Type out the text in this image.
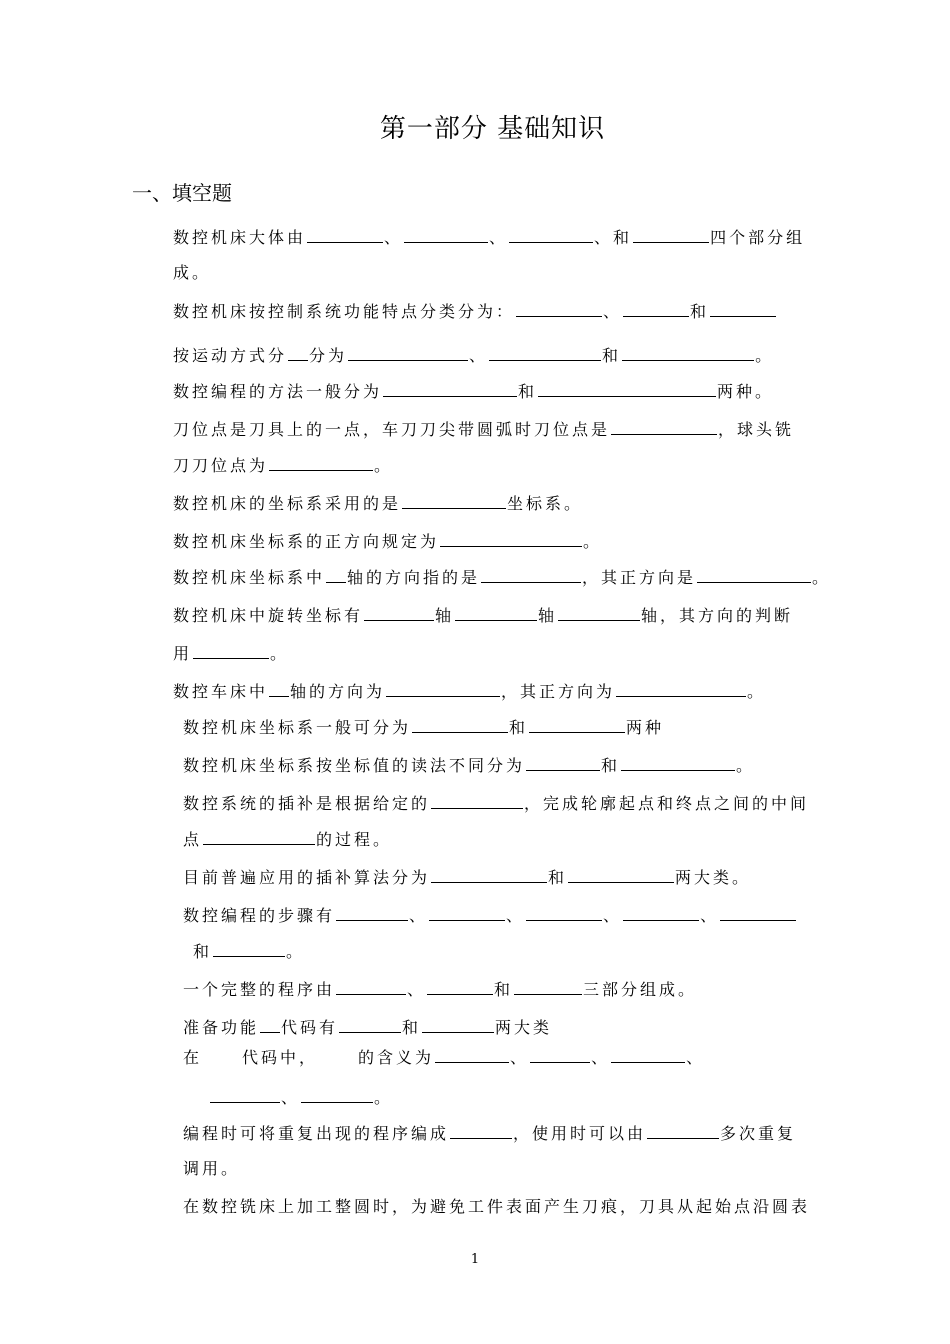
第一部分 基础知识
一、填空题
数控机床大体由	、	、	、和	四个部分组
成。
数控机床按控制系统功能特点分类分为：	、	和
按运动方式分 分为	、	和	。
数控编程的方法一般分为	和	两种。
刀位点是刀具上的一点，车刀刀尖带圆弧时刀位点是	，球头铣
刀刀位点为	。
数控机床的坐标系采用的是	坐标系。
数控机床坐标系的正方向规定为	。
数控机床坐标系中 轴的方向指的是	，其正方向是	。
数控机床中旋转坐标有	轴	轴	轴，其方向的判断
用	。
数控车床中 轴的方向为	，其正方向为	。
数控机床坐标系一般可分为	和	两种
数控机床坐标系按坐标值的读法不同分为	和	。
数控系统的插补是根据给定的	，完成轮廓起点和终点之间的中间
点	的过程。
目前普遍应用的插补算法分为	和	两大类。
数控编程的步骤有	、	、	、	、
和	。
一个完整的程序由	、	和	三部分组成。
准备功能 代码有	和	两大类
在	代码中，	的含义为	、	、	、
、	。
编程时可将重复出现的程序编成	，使用时可以由	多次重复
调用。
在数控铣床上加工整圆时，为避免工件表面产生刀痕，刀具从起始点沿圆表
1
